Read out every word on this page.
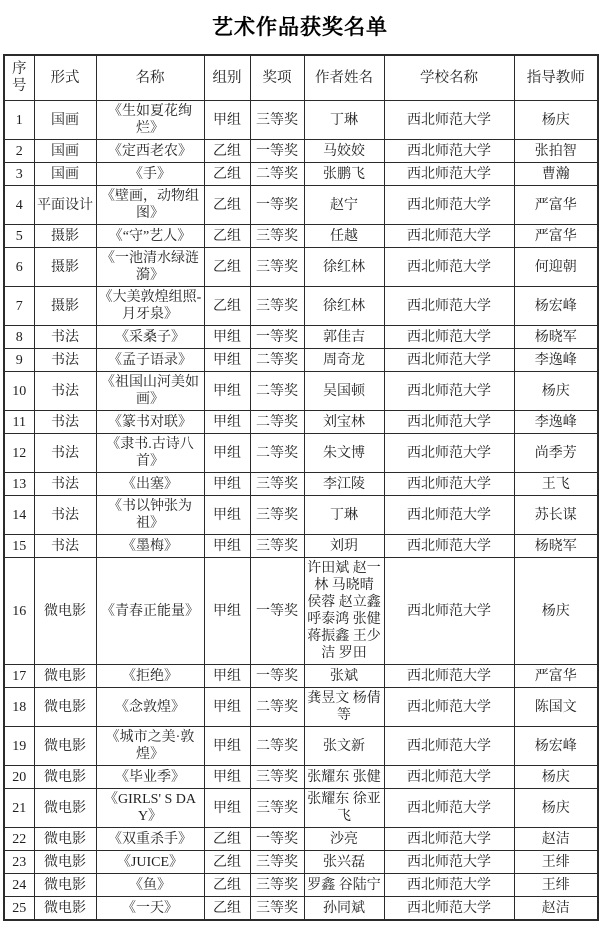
艺术作品获奖名单
序号	形式	名称	组别	奖项	作者姓名	学校名称	指导教师
1	国画	《生如夏花绚烂》	甲组	三等奖	丁琳	西北师范大学	杨庆
2	国画	《定西老农》	乙组	一等奖	马姣姣	西北师范大学	张拍智
3	国画	《手》	乙组	二等奖	张鹏飞	西北师范大学	曹瀚
4	平面设计	《壁画，动物组图》	乙组	一等奖	赵宁	西北师范大学	严富华
5	摄影	《“守”艺人》	乙组	三等奖	任越	西北师范大学	严富华
6	摄影	《一池清水绿涟漪》	乙组	三等奖	徐红林	西北师范大学	何迎朝
7	摄影	《大美敦煌组照-月牙泉》	乙组	三等奖	徐红林	西北师范大学	杨宏峰
8	书法	《采桑子》	甲组	一等奖	郭佳吉	西北师范大学	杨晓军
9	书法	《孟子语录》	甲组	二等奖	周奇龙	西北师范大学	李逸峰
10	书法	《祖国山河美如画》	甲组	二等奖	吴国顿	西北师范大学	杨庆
11	书法	《篆书对联》	甲组	二等奖	刘宝林	西北师范大学	李逸峰
12	书法	《隶书.古诗八首》	甲组	二等奖	朱文博	西北师范大学	尚季芳
13	书法	《出塞》	甲组	三等奖	李江陵	西北师范大学	王飞
14	书法	《书以钟张为祖》	甲组	三等奖	丁琳	西北师范大学	苏长谋
15	书法	《墨梅》	甲组	三等奖	刘玥	西北师范大学	杨晓军
16	微电影	《青春正能量》	甲组	一等奖	许田斌 赵一林 马晓晴 侯蓉 赵立鑫 呼泰鸿 张健 蒋振鑫 王少洁 罗田	西北师范大学	杨庆
17	微电影	《拒绝》	甲组	一等奖	张斌	西北师范大学	严富华
18	微电影	《念敦煌》	甲组	二等奖	龚昱文 杨倩等	西北师范大学	陈国文
19	微电影	《城市之美·敦煌》	甲组	二等奖	张文新	西北师范大学	杨宏峰
20	微电影	《毕业季》	甲组	三等奖	张耀东 张健	西北师范大学	杨庆
21	微电影	《GIRLS' S DAY》	甲组	三等奖	张耀东 徐亚飞	西北师范大学	杨庆
22	微电影	《双重杀手》	乙组	一等奖	沙亮	西北师范大学	赵洁
23	微电影	《JUICE》	乙组	三等奖	张兴磊	西北师范大学	王绯
24	微电影	《鱼》	乙组	三等奖	罗鑫 谷陆宁	西北师范大学	王绯
25	微电影	《一天》	乙组	三等奖	孙同斌	西北师范大学	赵洁
